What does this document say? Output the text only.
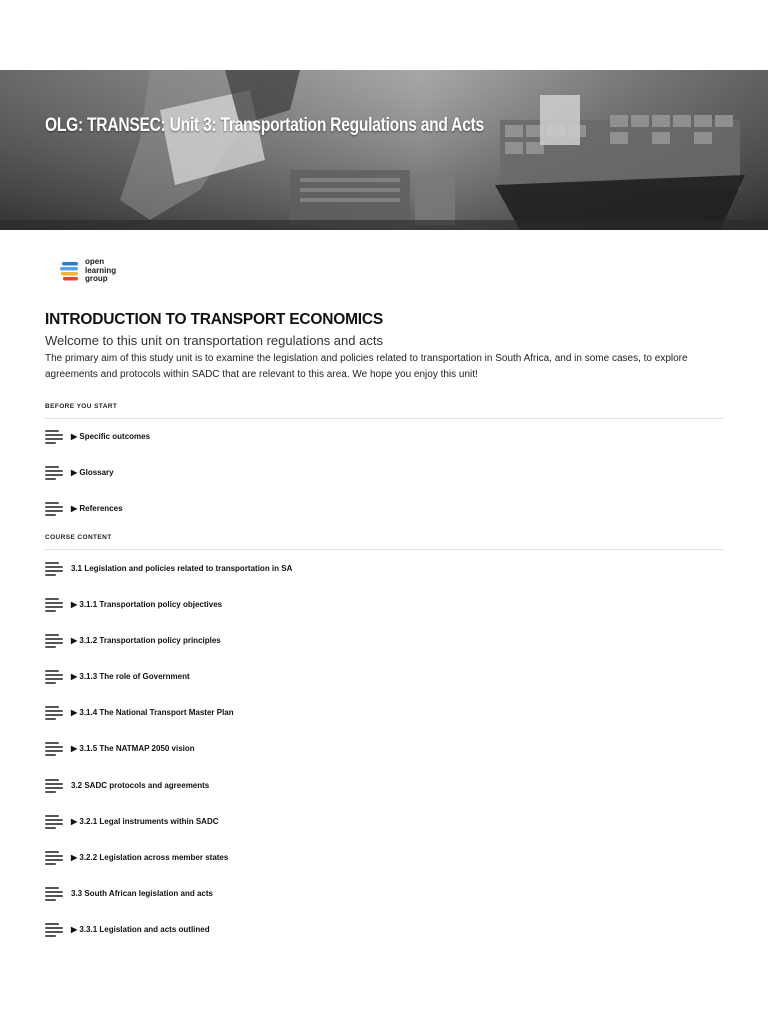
OLG: TRANSEC: Unit 3: Transportation Regulations and Acts
open
learning
group
INTRODUCTION TO TRANSPORT ECONOMICS
Welcome to this unit on transportation regulations and acts
The primary aim of this study unit is to examine the legislation and policies related to transportation in South Africa, and in some cases, to explore agreements and protocols within SADC that are relevant to this area. We hope you enjoy this unit!
BEFORE YOU START
▶ Specific outcomes
▶ Glossary
▶ References
COURSE CONTENT
3.1 Legislation and policies related to transportation in SA
▶ 3.1.1 Transportation policy objectives
▶ 3.1.2 Transportation policy principles
▶ 3.1.3 The role of Government
▶ 3.1.4 The National Transport Master Plan
▶ 3.1.5 The NATMAP 2050 vision
3.2 SADC protocols and agreements
▶ 3.2.1 Legal instruments within SADC
▶ 3.2.2 Legislation across member states
3.3 South African legislation and acts
▶ 3.3.1 Legislation and acts outlined
